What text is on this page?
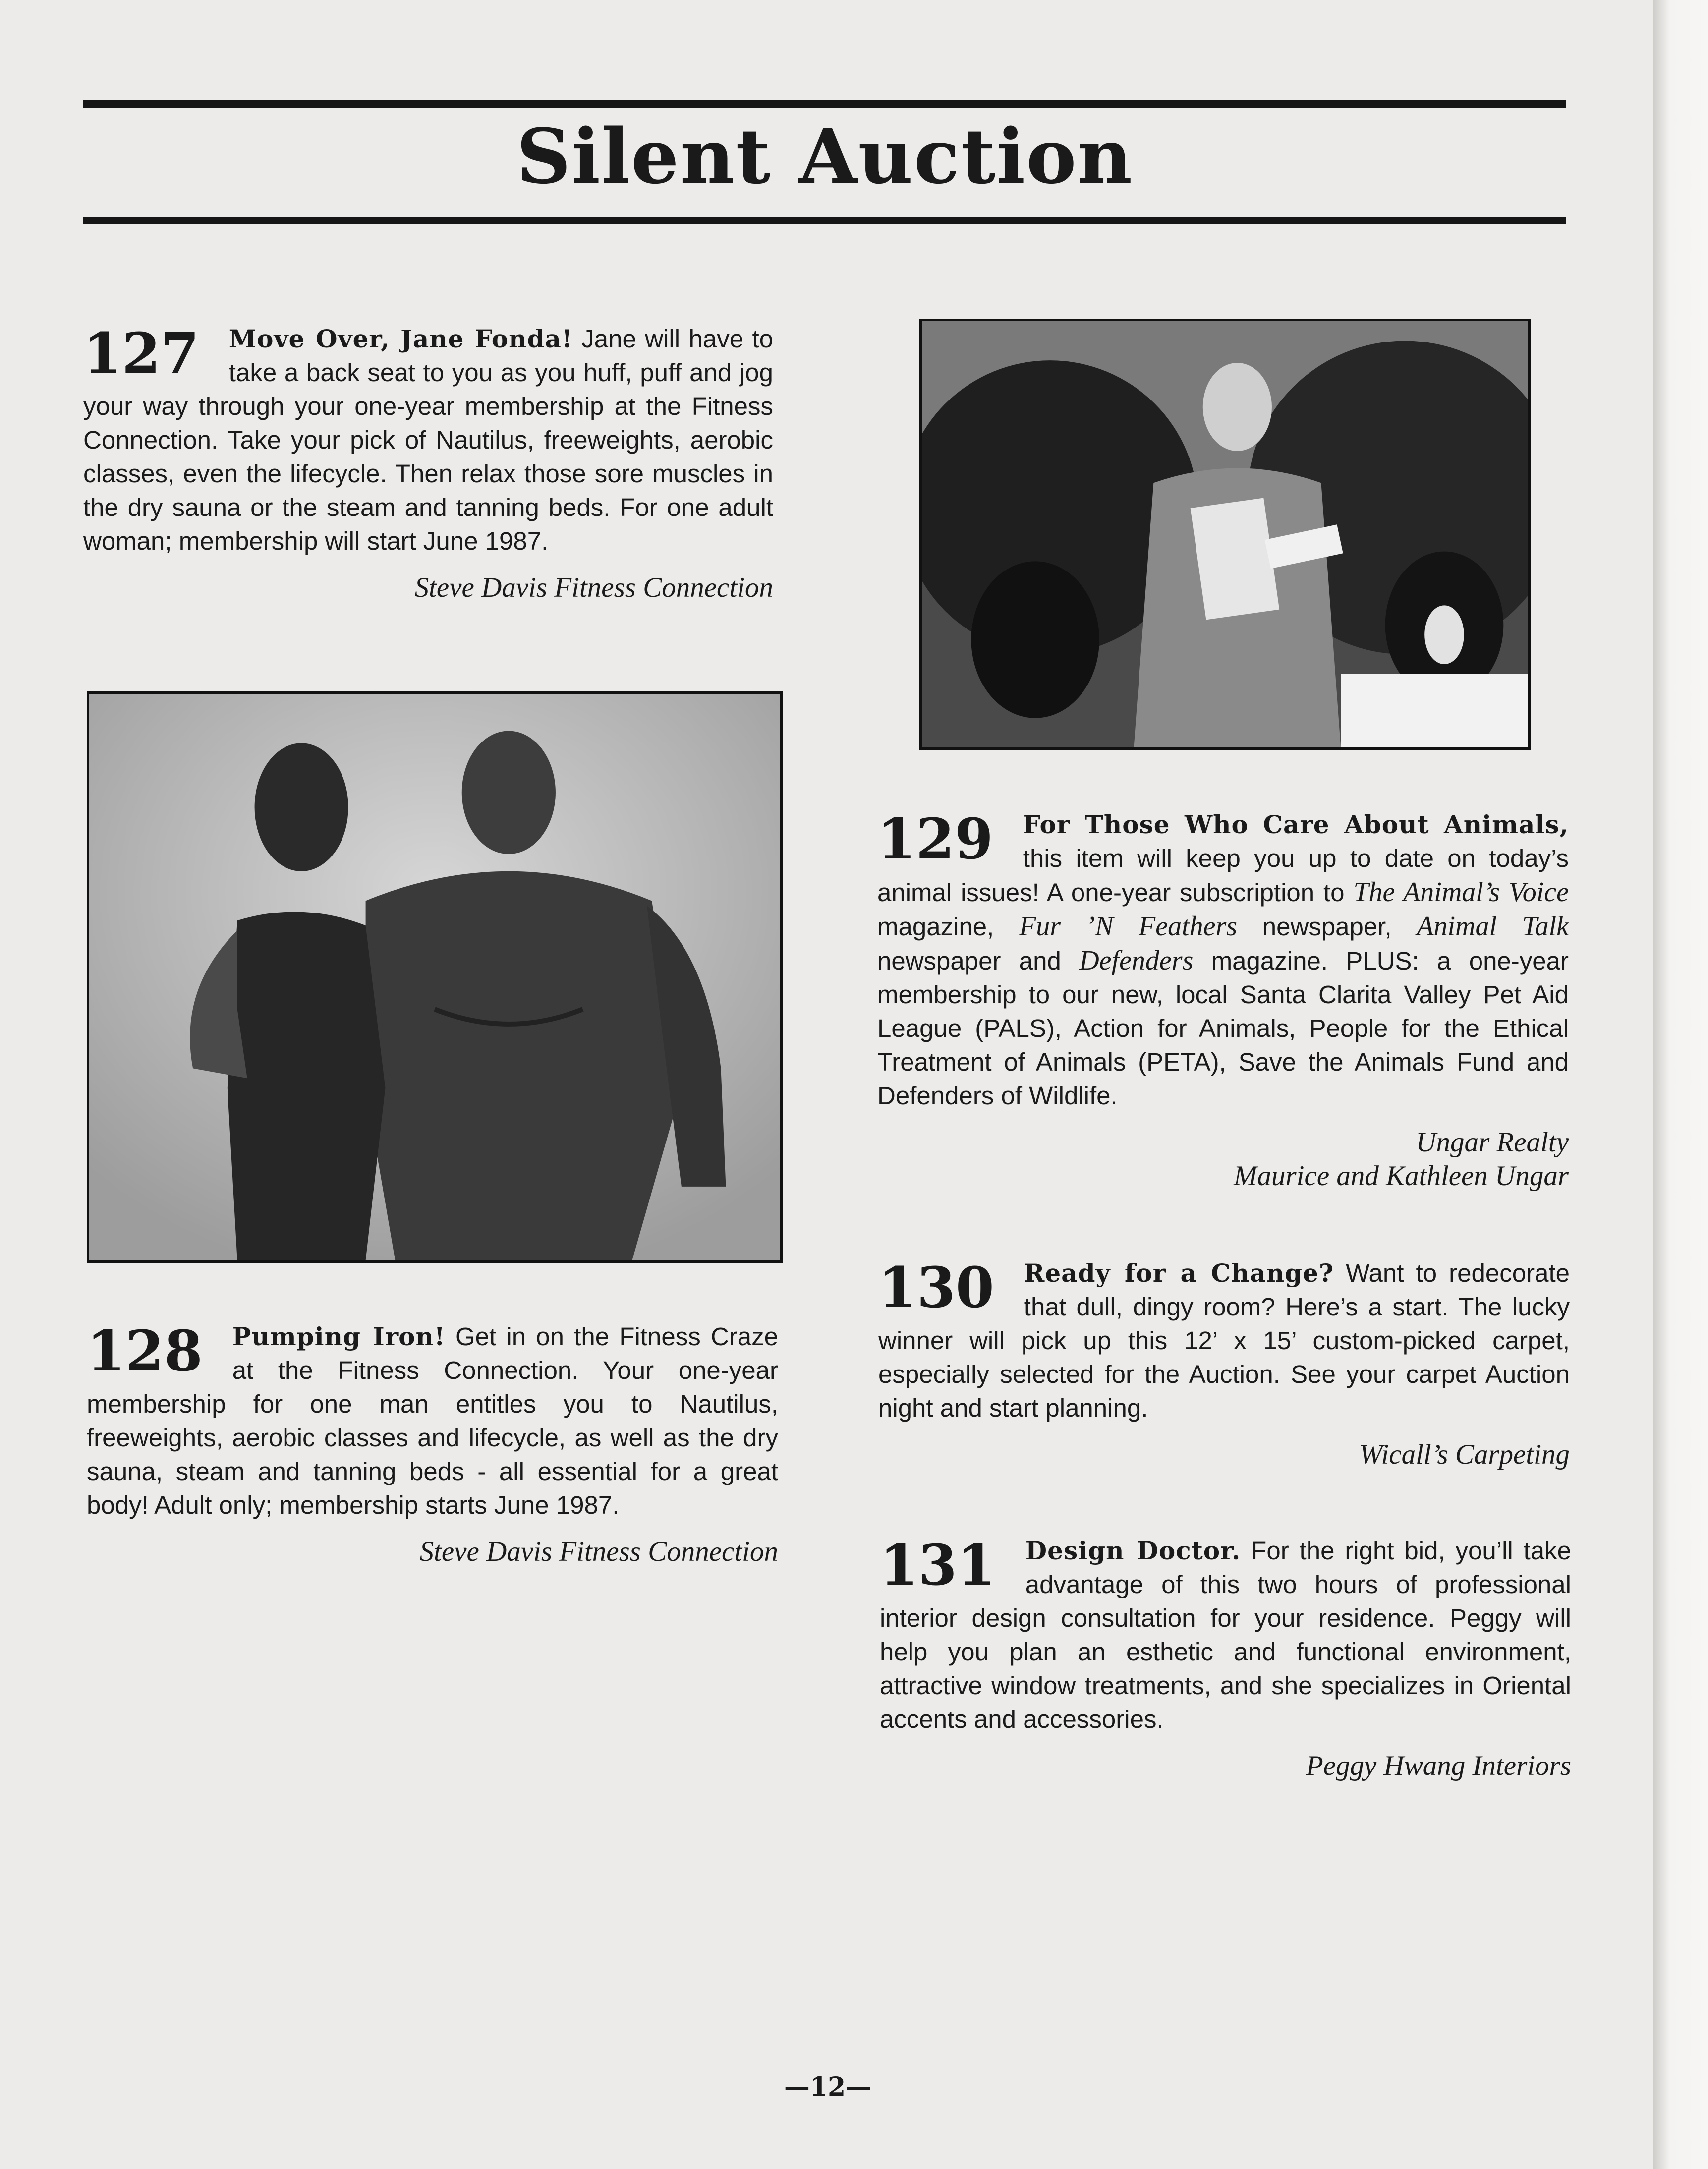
Silent Auction

127 Move Over, Jane Fonda! Jane will have to take a back seat to you as you huff, puff and jog your way through your one-year membership at the Fitness Connection. Take your pick of Nautilus, freeweights, aerobic classes, even the lifecycle. Then relax those sore muscles in the dry sauna or the steam and tanning beds. For one adult woman; membership will start June 1987.

Steve Davis Fitness Connection

128 Pumping Iron! Get in on the Fitness Craze at the Fitness Connection. Your one-year membership for one man entitles you to Nautilus, freeweights, aerobic classes and lifecycle, as well as the dry sauna, steam and tanning beds - all essential for a great body! Adult only; membership starts June 1987.

Steve Davis Fitness Connection

129 For Those Who Care About Animals, this item will keep you up to date on today’s animal issues! A one-year subscription to The Animal’s Voice magazine, Fur ’N Feathers newspaper, Animal Talk newspaper and Defenders magazine. PLUS: a one-year membership to our new, local Santa Clarita Valley Pet Aid League (PALS), Action for Animals, People for the Ethical Treatment of Animals (PETA), Save the Animals Fund and Defenders of Wildlife.

Ungar Realty
Maurice and Kathleen Ungar

130 Ready for a Change? Want to redecorate that dull, dingy room? Here’s a start. The lucky winner will pick up this 12’ x 15’ custom-picked carpet, especially selected for the Auction. See your carpet Auction night and start planning.

Wicall’s Carpeting

131 Design Doctor. For the right bid, you’ll take advantage of this two hours of professional interior design consultation for your residence. Peggy will help you plan an esthetic and functional environment, attractive window treatments, and she specializes in Oriental accents and accessories.

Peggy Hwang Interiors

—12—
